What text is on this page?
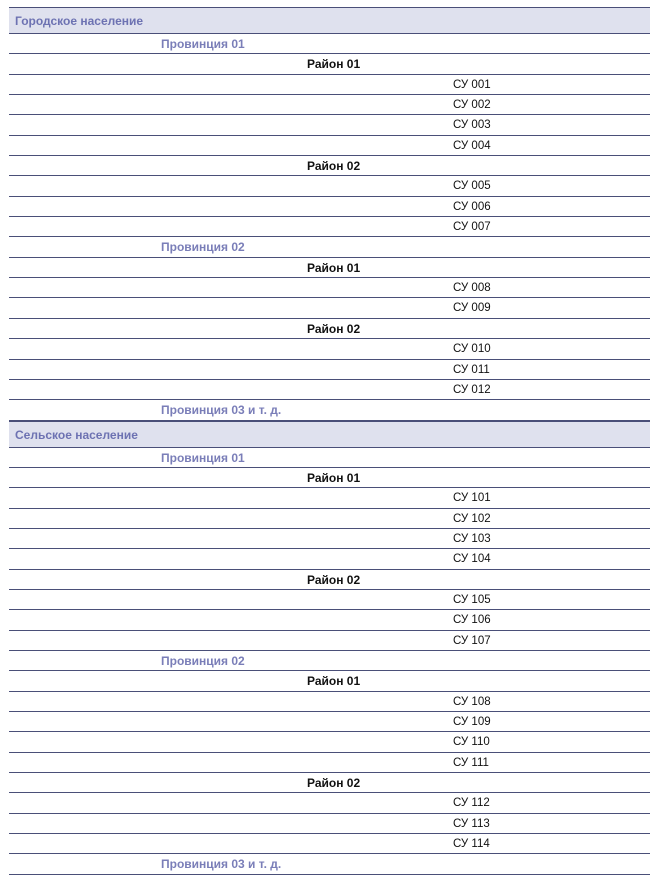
Городское население
Провинция 01
Район 01
СУ 001
СУ 002
СУ 003
СУ 004
Район 02
СУ 005
СУ 006
СУ 007
Провинция 02
Район 01
СУ 008
СУ 009
Район 02
СУ 010
СУ 011
СУ 012
Провинция 03 и т. д.
Сельское население
Провинция 01
Район 01
СУ 101
СУ 102
СУ 103
СУ 104
Район 02
СУ 105
СУ 106
СУ 107
Провинция 02
Район 01
СУ 108
СУ 109
СУ 110
СУ 111
Район 02
СУ 112
СУ 113
СУ 114
Провинция 03 и т. д.
